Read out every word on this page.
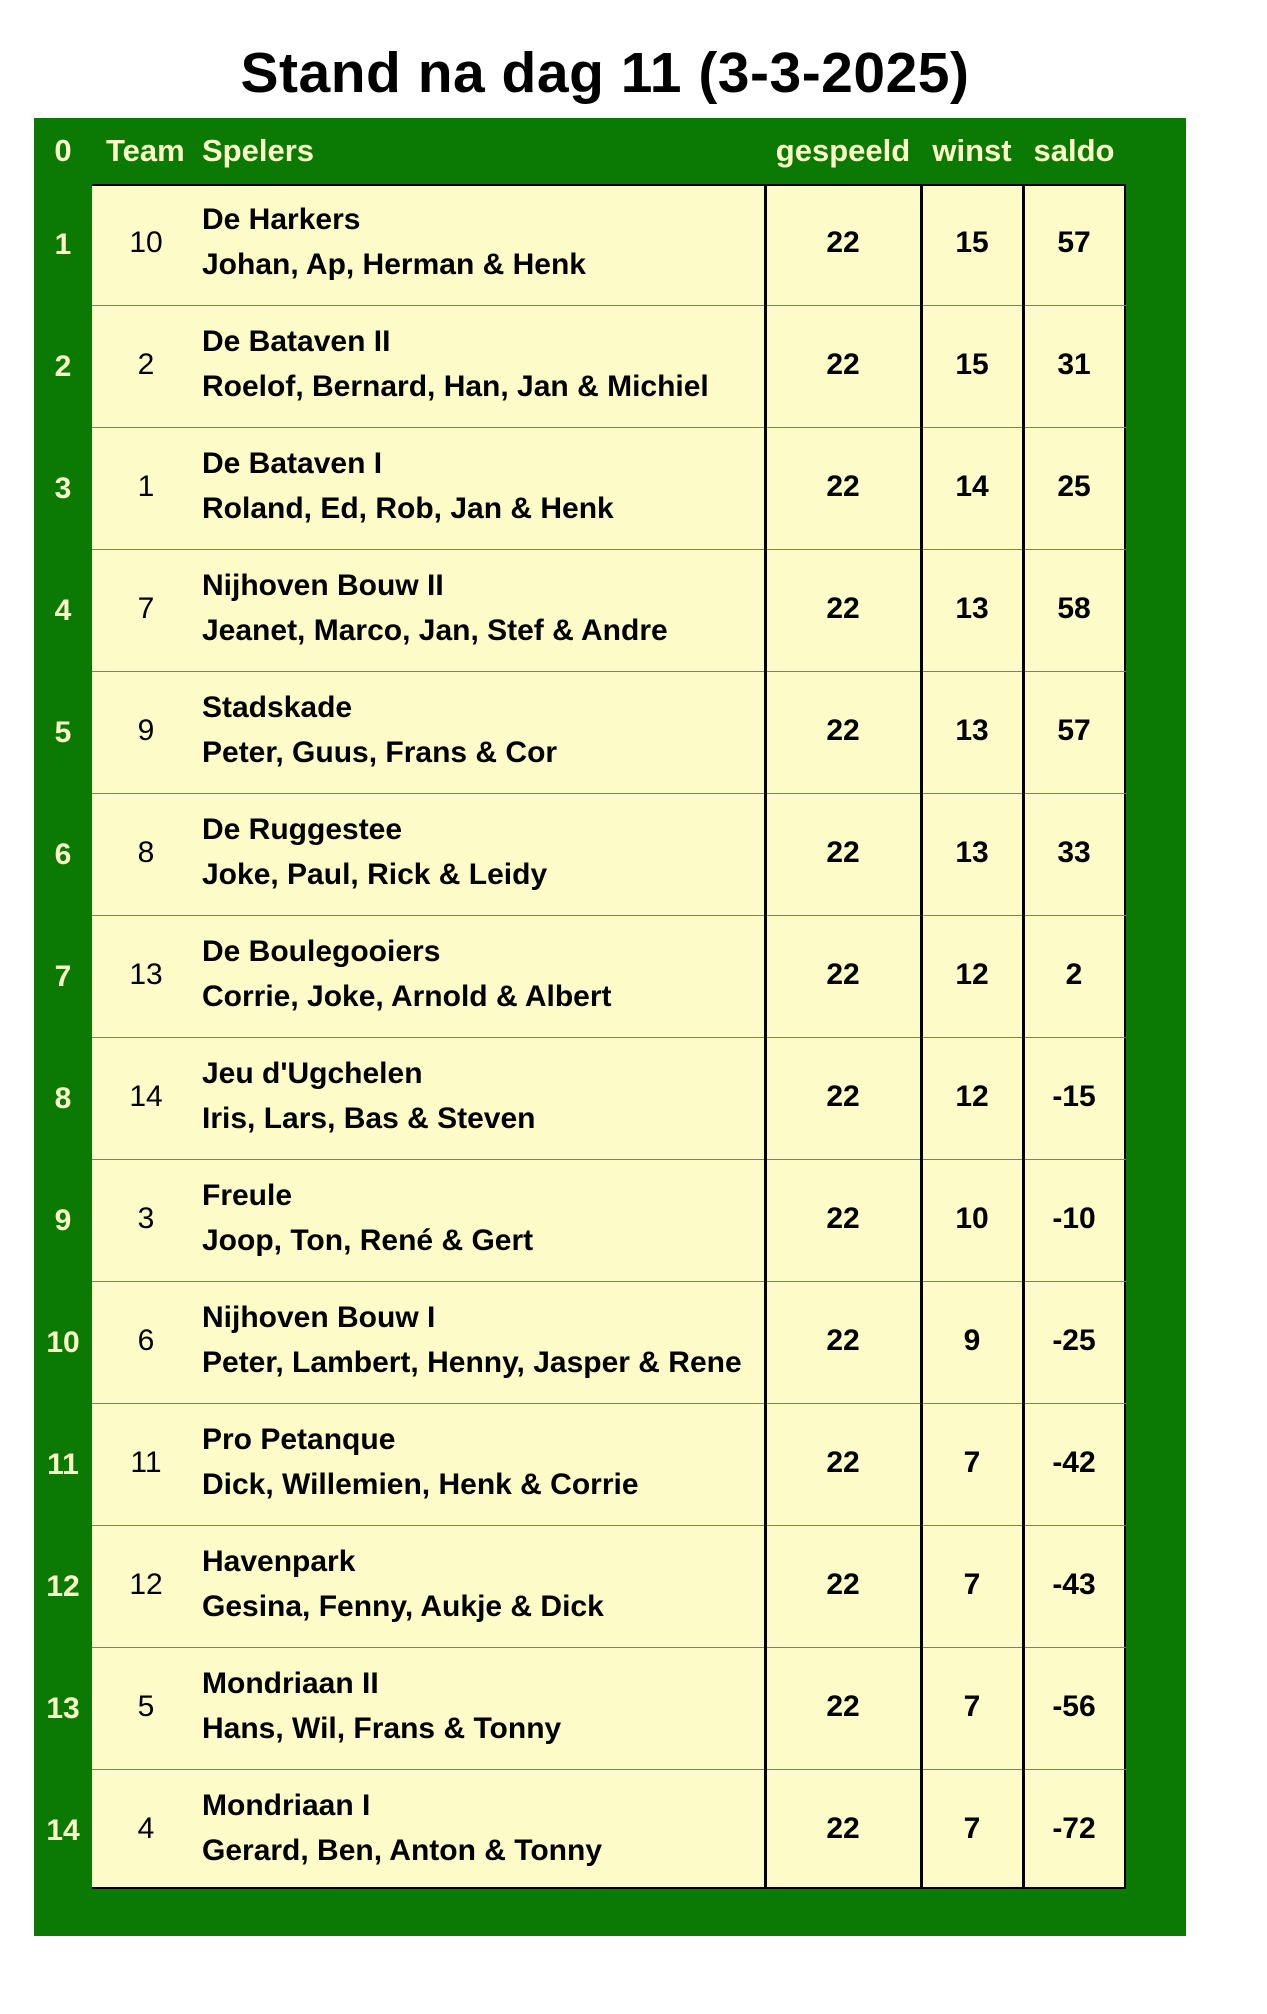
Stand na dag 11 (3-3-2025)
0	Team Spelers	gespeeld winst saldo
1	10
De Harkers
Johan, Ap, Herman & Henk
22	15	57
2	2
De Bataven II
Roelof, Bernard, Han, Jan & Michiel
22	15	31
3	1
De Bataven I
Roland, Ed, Rob, Jan & Henk
22	14	25
4	7
Nijhoven Bouw II
Jeanet, Marco, Jan, Stef & Andre
22	13	58
5	9
Stadskade
Peter, Guus, Frans & Cor
22	13	57
6	8
De Ruggestee
Joke, Paul, Rick & Leidy
22	13	33
7	13
De Boulegooiers
Corrie, Joke, Arnold & Albert
22	12	2
8	14
Jeu d'Ugchelen
Iris, Lars, Bas & Steven
22	12	-15
9	3
Freule
Joop, Ton, René & Gert
22	10	-10
10	6
Nijhoven Bouw I
Peter, Lambert, Henny, Jasper & Rene
22	9	-25
11	11
Pro Petanque
Dick, Willemien, Henk & Corrie
22	7	-42
12	12
Havenpark
Gesina, Fenny, Aukje & Dick
22	7	-43
13	5
Mondriaan II
Hans, Wil, Frans & Tonny
22	7	-56
14	4
Mondriaan I
Gerard, Ben, Anton & Tonny
22	7	-72
